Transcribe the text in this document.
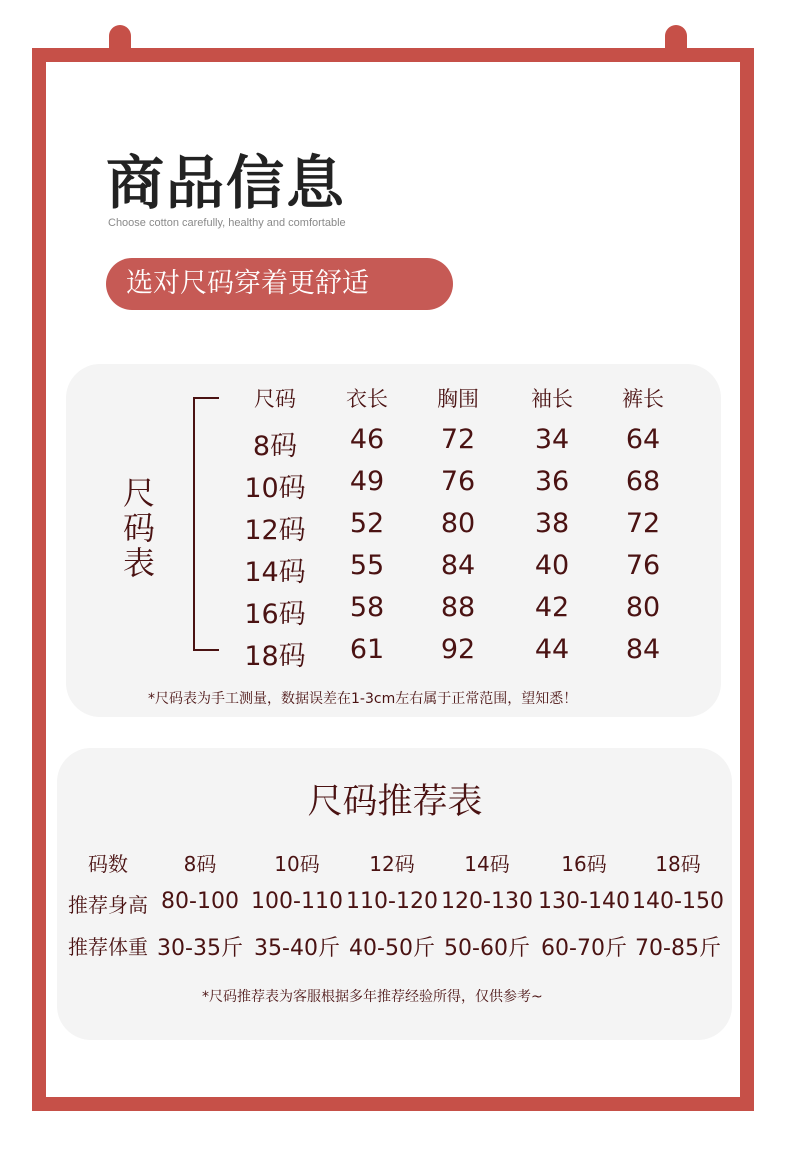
商品信息
Choose cotton carefully, healthy and comfortable
选对尺码穿着更舒适
尺
码
表
尺码 衣长 胸围 袖长 裤长
8码 46 72 34 64
10码 49 76 36 68
12码 52 80 38 72
14码 55 84 40 76
16码 58 88 42 80
18码 61 92 44 84
*尺码表为手工测量，数据误差在1-3cm左右属于正常范围，望知悉！
尺码推荐表
码数	8码	10码 12码 14码	16码 18码
推荐身高 80-100 100-110 110-120 120-130 130-140 140-150
推荐体重 30-35斤 35-40斤 40-50斤 50-60斤 60-70斤 70-85斤
*尺码推荐表为客服根据多年推荐经验所得，仅供参考~
